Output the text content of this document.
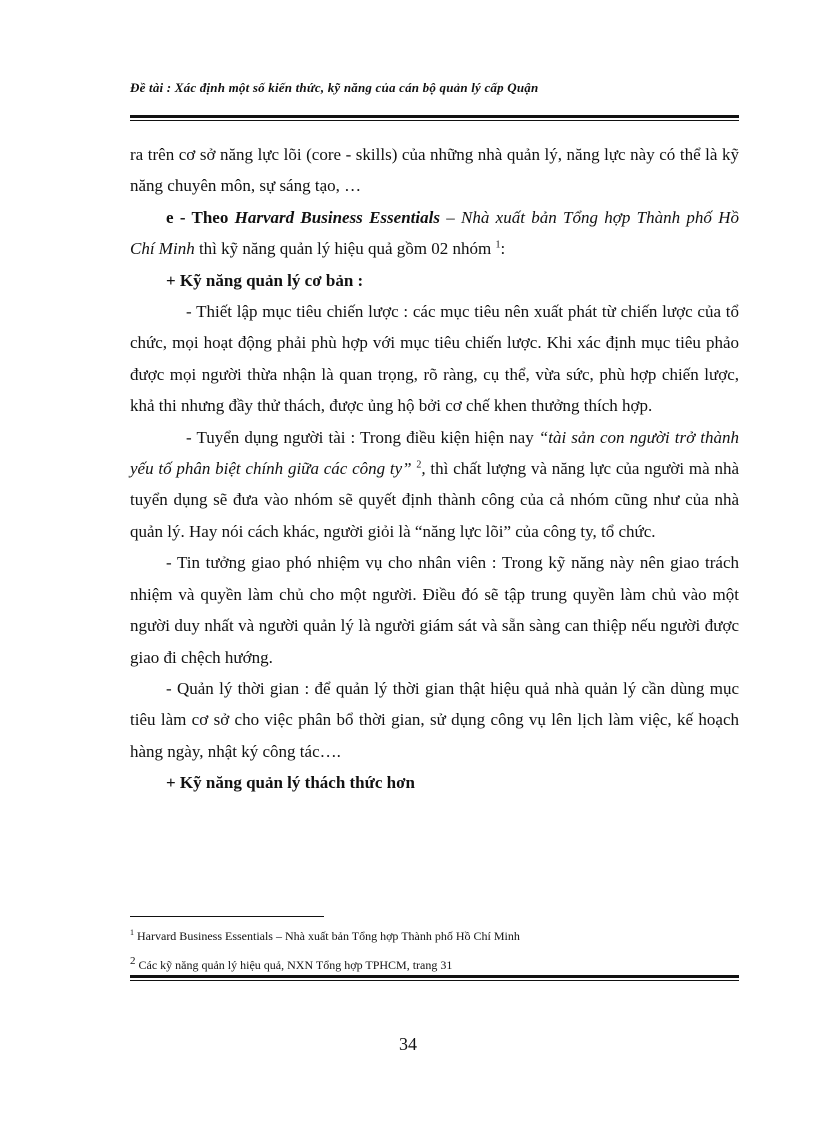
Đề tài : Xác định một số kiến thức, kỹ năng của cán bộ quản lý cấp Quận

ra trên cơ sở năng lực lõi (core - skills) của những nhà quản lý, năng lực này có thể là kỹ năng chuyên môn, sự sáng tạo, …

e - Theo Harvard Business Essentials – Nhà xuất bản Tổng hợp Thành phố Hồ Chí Minh thì kỹ năng quản lý hiệu quả gồm 02 nhóm $^1$:

+ Kỹ năng quản lý cơ bản :

- Thiết lập mục tiêu chiến lược : các mục tiêu nên xuất phát từ chiến lược của tổ chức, mọi hoạt động phải phù hợp với mục tiêu chiến lược. Khi xác định mục tiêu phảo được mọi người thừa nhận là quan trọng, rõ ràng, cụ thể, vừa sức, phù hợp chiến lược, khả thi nhưng đầy thử thách, được ủng hộ bởi cơ chế khen thưởng thích hợp.

- Tuyển dụng người tài : Trong điều kiện hiện nay “tài sản con người trở thành yếu tố phân biệt chính giữa các công ty” $^2$, thì chất lượng và năng lực của người mà nhà tuyển dụng sẽ đưa vào nhóm sẽ quyết định thành công của cả nhóm cũng như của nhà quản lý. Hay nói cách khác, người giỏi là “năng lực lõi” của công ty, tổ chức.

- Tin tưởng giao phó nhiệm vụ cho nhân viên : Trong kỹ năng này nên giao trách nhiệm và quyền làm chủ cho một người. Điều đó sẽ tập trung quyền làm chủ vào một người duy nhất và người quản lý là người giám sát và sẵn sàng can thiệp nếu người được giao đi chệch hướng.

- Quản lý thời gian : để quản lý thời gian thật hiệu quả nhà quản lý cần dùng mục tiêu làm cơ sở cho việc phân bổ thời gian, sử dụng công vụ lên lịch làm việc, kế hoạch hàng ngày, nhật ký công tác….

+ Kỹ năng quản lý thách thức hơn

$^1$ Harvard Business Essentials – Nhà xuất bản Tổng hợp Thành phố Hồ Chí Minh
$^2$ Các kỹ năng quản lý hiệu quả, NXN Tổng hợp TPHCM, trang 31
34
